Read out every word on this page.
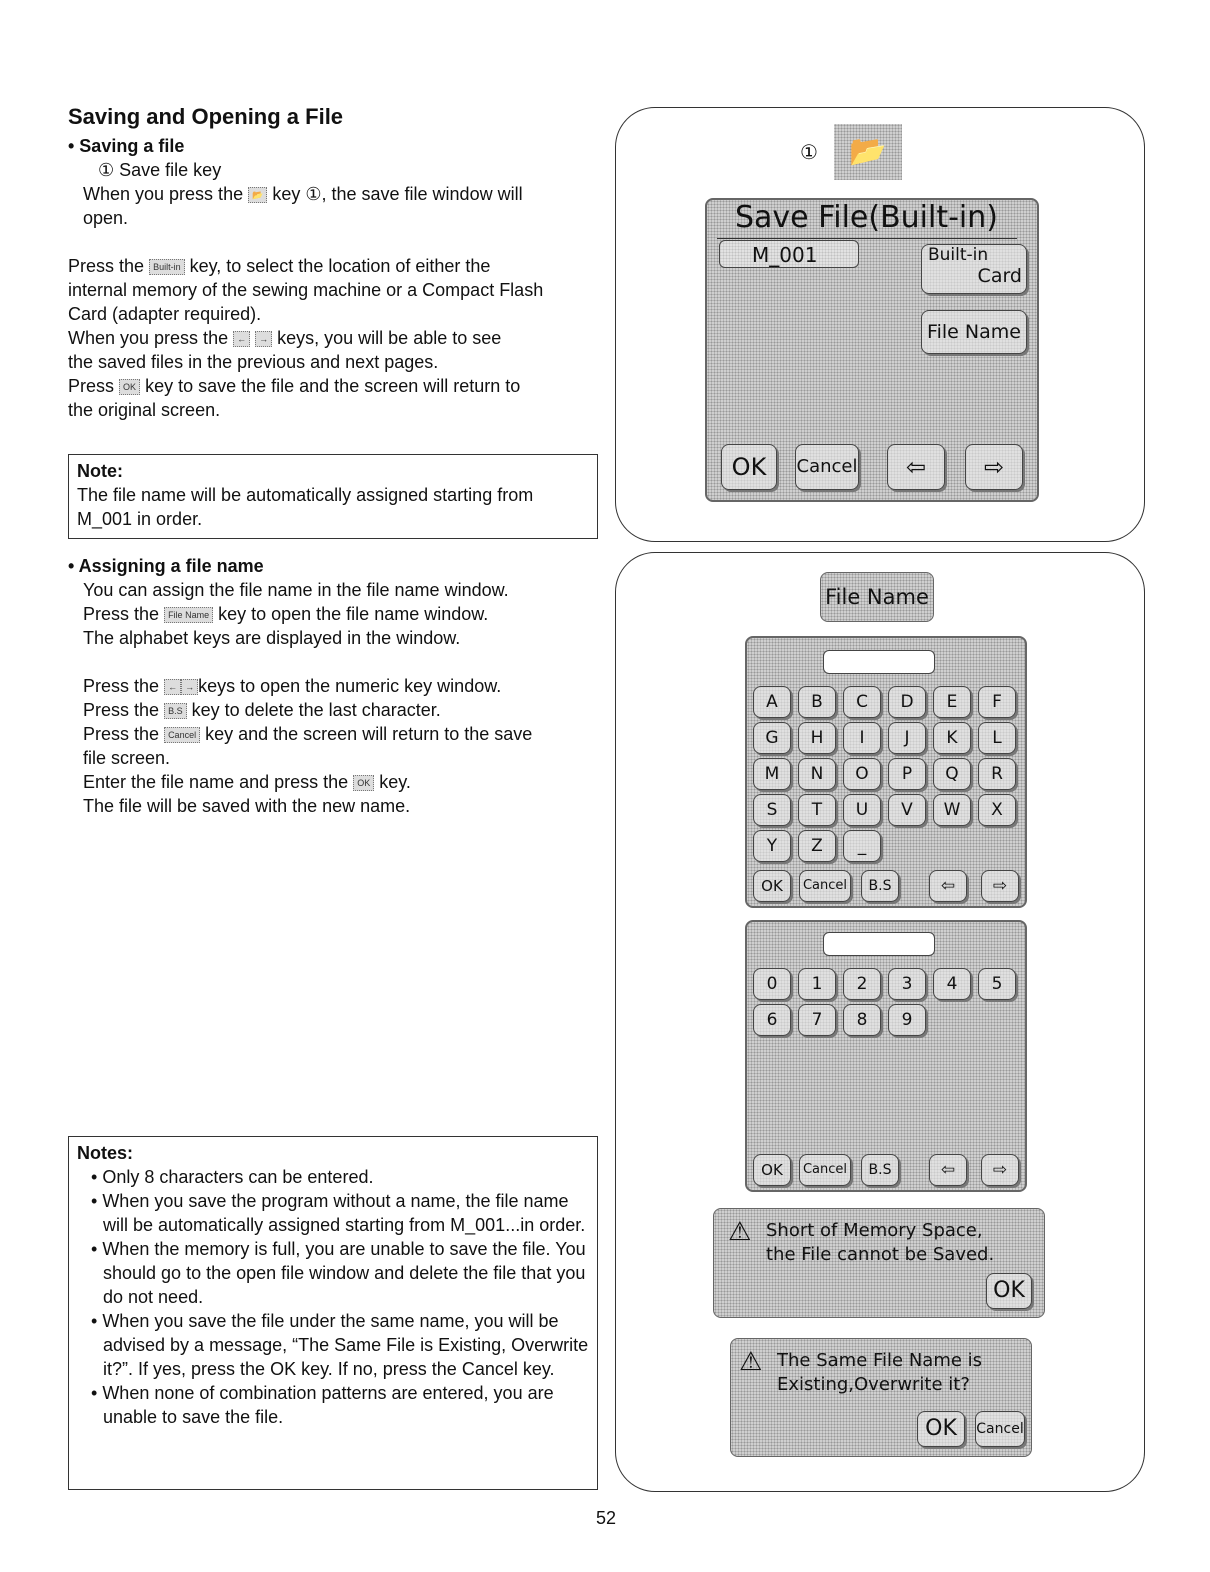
Saving and Opening a File
• Saving a file
① Save file key
When you press the 📂 key ①, the save file window will
open.
Press the Built-in key, to select the location of either the
internal memory of the sewing machine or a Compact Flash
Card (adapter required).
When you press the ← → keys, you will be able to see
the saved files in the previous and next pages.
Press OK key to save the file and the screen will return to
the original screen.
Note:
The file name will be automatically assigned starting from M_001 in order.
• Assigning a file name
You can assign the file name in the file name window.
Press the File Name key to open the file name window.
The alphabet keys are displayed in the window.
Press the ← → keys to open the numeric key window.
Press the B.S key to delete the last character.
Press the Cancel key and the screen will return to the save
file screen.
Enter the file name and press the OK key.
The file will be saved with the new name.
Notes:
• Only 8 characters can be entered.
• When you save the program without a name, the file name will be automatically assigned starting from M_001...in order.
• When the memory is full, you are unable to save the file. You should go to the open file window and delete the file that you do not need.
• When you save the file under the same name, you will be advised by a message, “The Same File is Existing, Overwrite it?”. If yes, press the OK key. If no, press the Cancel key.
• When none of combination patterns are entered, you are unable to save the file.
①	📂
Save File(Built-in)
M_001	Built-in
Card
File Name
OK	Cancel	⇦	⇨
File Name
A	B	C	D	E	F
G	H	I	J	K	L
M	N	O	P	Q	R
S	T	U	V	W	X
Y	Z	_
OK	Cancel	B.S	⇦	⇨
0	1	2	3	4	5
6	7	8	9
OK	Cancel	B.S	⇦	⇨
⚠ Short of Memory Space,
the File cannot be Saved.
OK
⚠ The Same File Name is
Existing,Overwrite it?
OK	Cancel
52
